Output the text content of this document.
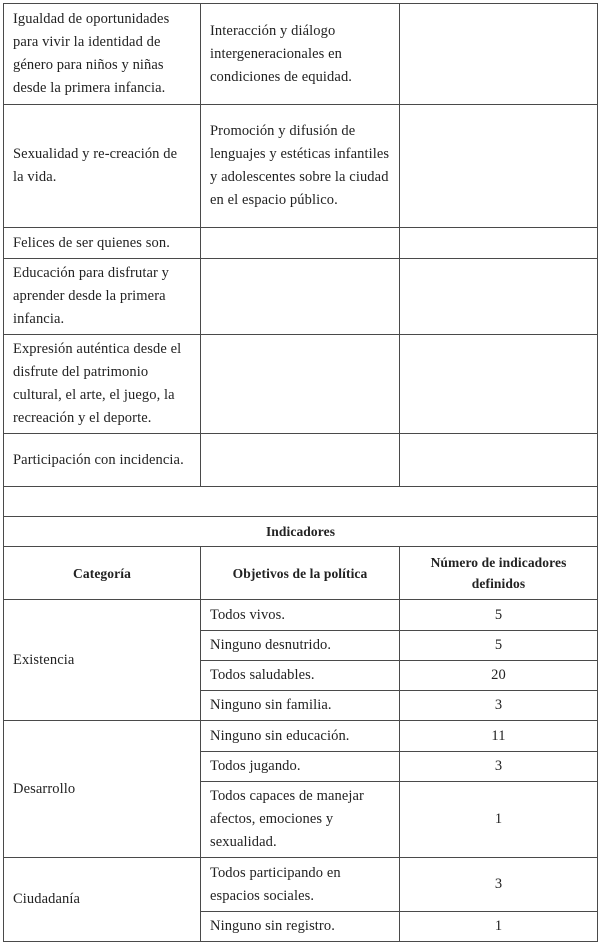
Igualdad de oportunidades para vivir la identidad de género para niños y niñas desde la primera infancia.	Interacción y diálogo intergeneracionales en condiciones de equidad.	
Sexualidad y re-creación de la vida.	Promoción y difusión de lenguajes y estéticas infantiles y adolescentes sobre la ciudad en el espacio público.	
Felices de ser quienes son.		
Educación para disfrutar y aprender desde la primera infancia.		
Expresión auténtica desde el disfrute del patrimonio cultural, el arte, el juego, la recreación y el deporte.		
Participación con incidencia.		

Indicadores		
Categoría	Objetivos de la política	Número de indicadores definidos
Existencia	Todos vivos.	5
	Ninguno desnutrido.	5
	Todos saludables.	20
	Ninguno sin familia.	3
Desarrollo	Ninguno sin educación.	11
	Todos jugando.	3
	Todos capaces de manejar afectos, emociones y sexualidad.	1
Ciudadanía	Todos participando en espacios sociales.	3
	Ninguno sin registro.	1
